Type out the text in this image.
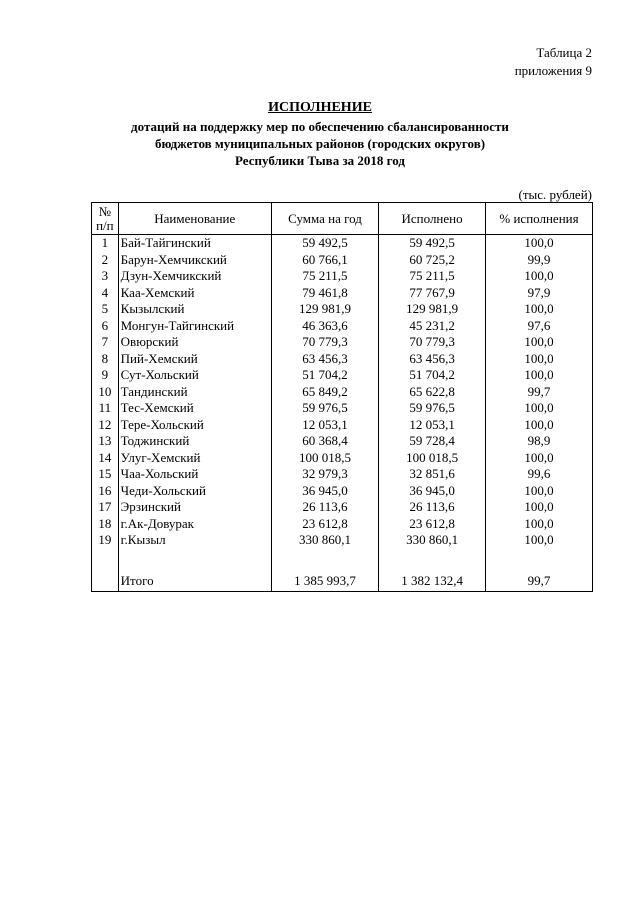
Таблица 2
приложения 9
ИСПОЛНЕНИЕ
дотаций на поддержку мер по обеспечению сбалансированности
бюджетов муниципальных районов (городских округов)
Республики Тыва за 2018 год
(тыс. рублей)
№
п/п	Наименование	Сумма на год	Исполнено	% исполнения
1	Бай-Тайгинский	59 492,5	59 492,5	100,0
2	Барун-Хемчикский	60 766,1	60 725,2	99,9
3	Дзун-Хемчикский	75 211,5	75 211,5	100,0
4	Каа-Хемский	79 461,8	77 767,9	97,9
5	Кызылский	129 981,9	129 981,9	100,0
6	Монгун-Тайгинский	46 363,6	45 231,2	97,6
7	Овюрский	70 779,3	70 779,3	100,0
8	Пий-Хемский	63 456,3	63 456,3	100,0
9	Сут-Хольский	51 704,2	51 704,2	100,0
10	Тандинский	65 849,2	65 622,8	99,7
11	Тес-Хемский	59 976,5	59 976,5	100,0
12	Тере-Хольский	12 053,1	12 053,1	100,0
13	Тоджинский	60 368,4	59 728,4	98,9
14	Улуг-Хемский	100 018,5	100 018,5	100,0
15	Чаа-Хольский	32 979,3	32 851,6	99,6
16	Чеди-Хольский	36 945,0	36 945,0	100,0
17	Эрзинский	26 113,6	26 113,6	100,0
18	г.Ак-Довурак	23 612,8	23 612,8	100,0
19	г.Кызыл	330 860,1	330 860,1	100,0

	Итого	1 385 993,7	1 382 132,4	99,7
